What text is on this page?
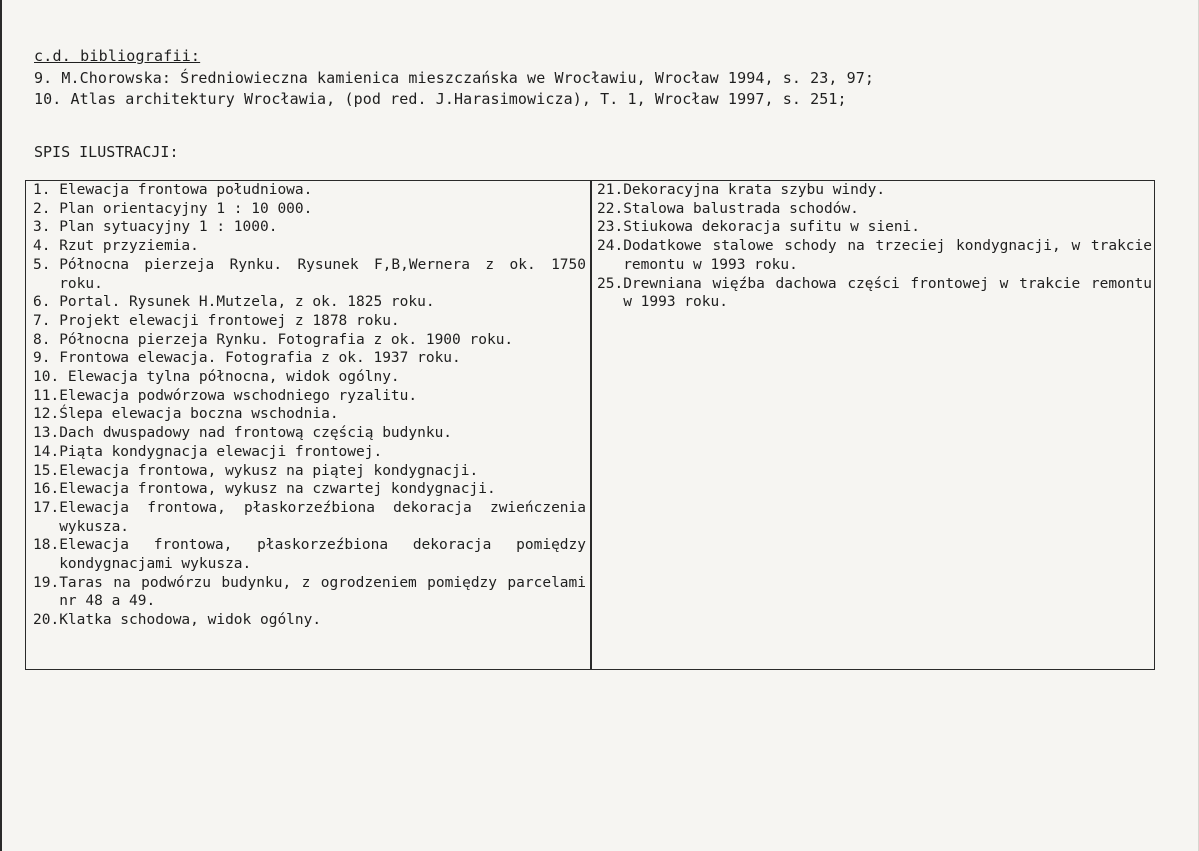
c.d. bibliografii:
9. M.Chorowska: Średniowieczna kamienica mieszczańska we Wrocławiu, Wrocław 1994, s. 23, 97;
10. Atlas architektury Wrocławia, (pod red. J.Harasimowicza), T. 1, Wrocław 1997, s. 251;
SPIS ILUSTRACJI:
1. Elewacja frontowa południowa.
2. Plan orientacyjny 1 : 10 000.
3. Plan sytuacyjny 1 : 1000.
4. Rzut przyziemia.
5. Północna pierzeja Rynku. Rysunek F,B,Wernera z ok. 1750 roku.
6. Portal. Rysunek H.Mutzela, z ok. 1825 roku.
7. Projekt elewacji frontowej z 1878 roku.
8. Północna pierzeja Rynku. Fotografia z ok. 1900 roku.
9. Frontowa elewacja. Fotografia z ok. 1937 roku.
10. Elewacja tylna północna, widok ogólny.
11. Elewacja podwórzowa wschodniego ryzalitu.
12. Ślepa elewacja boczna wschodnia.
13. Dach dwuspadowy nad frontową częścią budynku.
14. Piąta kondygnacja elewacji frontowej.
15. Elewacja frontowa, wykusz na piątej kondygnacji.
16. Elewacja frontowa, wykusz na czwartej kondygnacji.
17. Elewacja frontowa, płaskorzeźbiona dekoracja zwieńczenia wykusza.
18. Elewacja frontowa, płaskorzeźbiona dekoracja pomiędzy kondygnacjami wykusza.
19. Taras na podwórzu budynku, z ogrodzeniem pomiędzy parcelami nr 48 a 49.
20. Klatka schodowa, widok ogólny.
21. Dekoracyjna krata szybu windy.
22. Stalowa balustrada schodów.
23. Stiukowa dekoracja sufitu w sieni.
24. Dodatkowe stalowe schody na trzeciej kondygnacji, w trakcie remontu w 1993 roku.
25. Drewniana więźba dachowa części frontowej w trakcie remontu w 1993 roku.
